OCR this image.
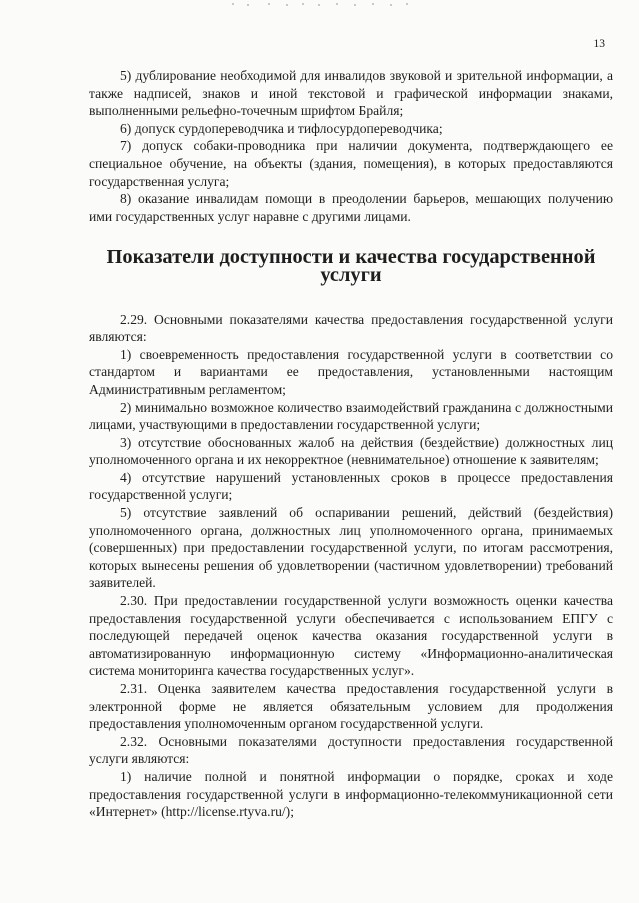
13

5) дублирование необходимой для инвалидов звуковой и зрительной информации, а также надписей, знаков и иной текстовой и графической информации знаками, выполненными рельефно-точечным шрифтом Брайля;

6) допуск сурдопереводчика и тифлосурдопереводчика;

7) допуск собаки-проводника при наличии документа, подтверждающего ее специальное обучение, на объекты (здания, помещения), в которых предоставляются государственная услуга;

8) оказание инвалидам помощи в преодолении барьеров, мешающих получению ими государственных услуг наравне с другими лицами.

Показатели доступности и качества государственной услуги

2.29. Основными показателями качества предоставления государственной услуги являются:

1) своевременность предоставления государственной услуги в соответствии со стандартом и вариантами ее предоставления, установленными настоящим Административным регламентом;

2) минимально возможное количество взаимодействий гражданина с должностными лицами, участвующими в предоставлении государственной услуги;

3) отсутствие обоснованных жалоб на действия (бездействие) должностных лиц уполномоченного органа и их некорректное (невнимательное) отношение к заявителям;

4) отсутствие нарушений установленных сроков в процессе предоставления государственной услуги;

5) отсутствие заявлений об оспаривании решений, действий (бездействия) уполномоченного органа, должностных лиц уполномоченного органа, принимаемых (совершенных) при предоставлении государственной услуги, по итогам рассмотрения, которых вынесены решения об удовлетворении (частичном удовлетворении) требований заявителей.

2.30. При предоставлении государственной услуги возможность оценки качества предоставления государственной услуги обеспечивается с использованием ЕПГУ с последующей передачей оценок качества оказания государственной услуги в автоматизированную информационную систему «Информационно-аналитическая система мониторинга качества государственных услуг».

2.31. Оценка заявителем качества предоставления государственной услуги в электронной форме не является обязательным условием для продолжения предоставления уполномоченным органом государственной услуги.

2.32. Основными показателями доступности предоставления государственной услуги являются:

1) наличие полной и понятной информации о порядке, сроках и ходе предоставления государственной услуги в информационно-телекоммуникационной сети «Интернет» (http://license.rtyva.ru/);
